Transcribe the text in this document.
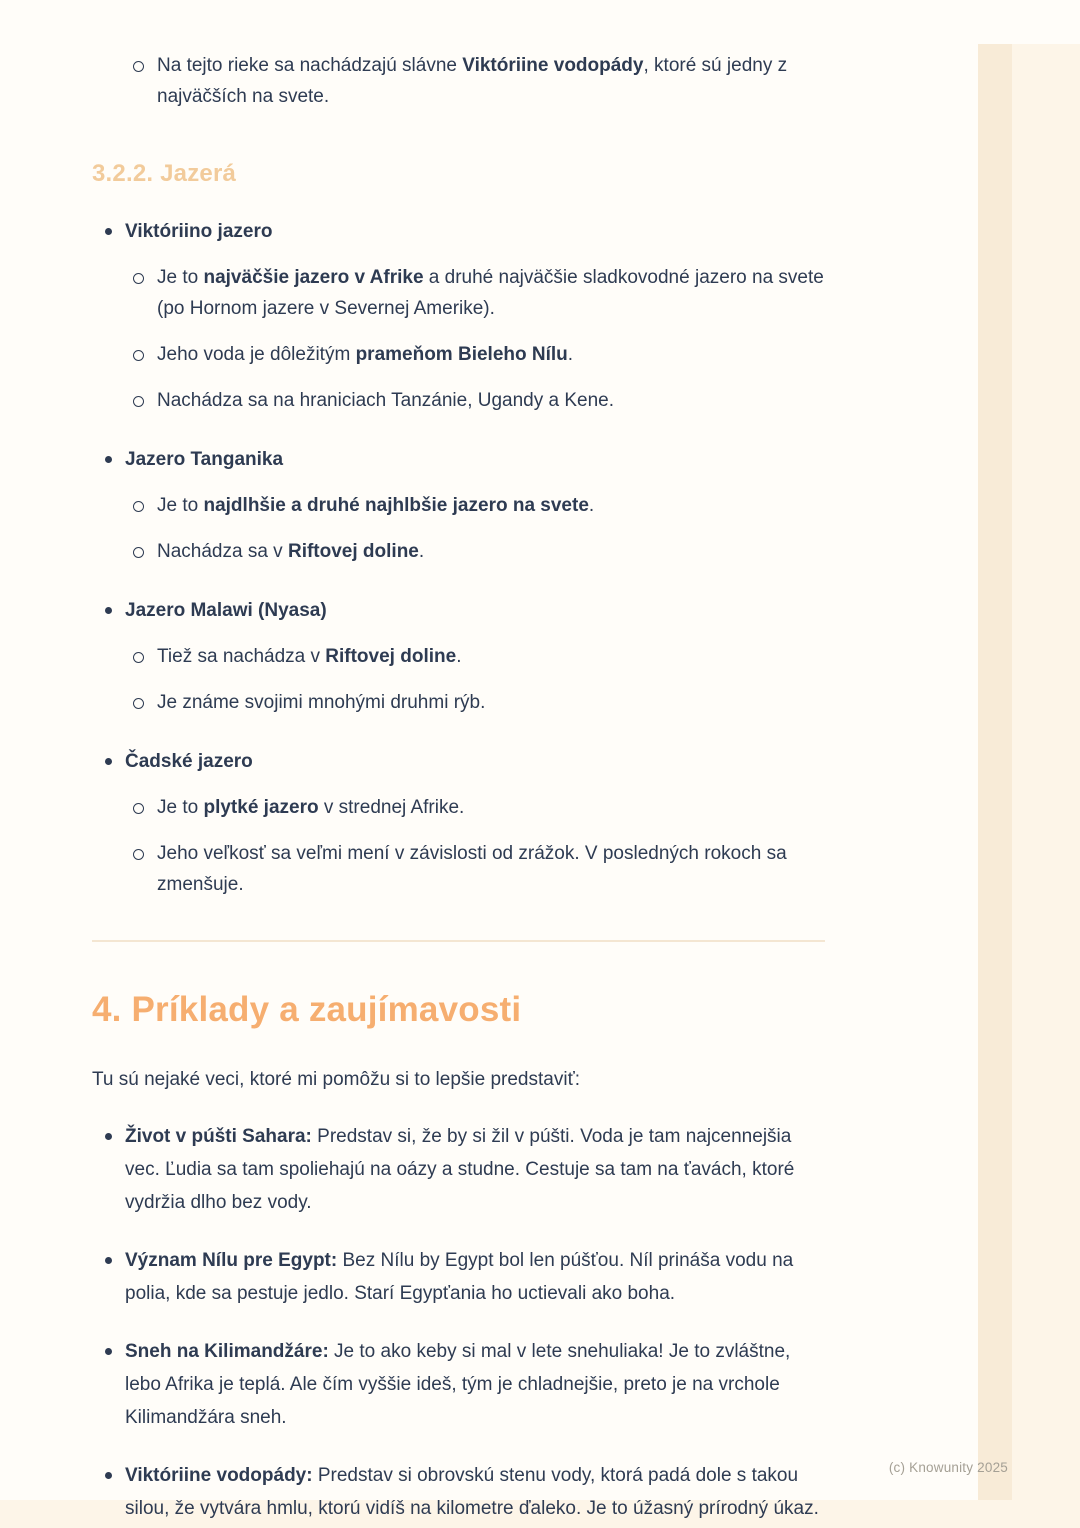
Na tejto rieke sa nachádzajú slávne Viktóriine vodopády, ktoré sú jedny z najväčších na svete.
3.2.2. Jazerá
Viktóriino jazero
Je to najväčšie jazero v Afrike a druhé najväčšie sladkovodné jazero na svete (po Hornom jazere v Severnej Amerike).
Jeho voda je dôležitým prameňom Bieleho Nílu.
Nachádza sa na hraniciach Tanzánie, Ugandy a Kene.
Jazero Tanganika
Je to najdlhšie a druhé najhlbšie jazero na svete.
Nachádza sa v Riftovej doline.
Jazero Malawi (Nyasa)
Tiež sa nachádza v Riftovej doline.
Je známe svojimi mnohými druhmi rýb.
Čadské jazero
Je to plytké jazero v strednej Afrike.
Jeho veľkosť sa veľmi mení v závislosti od zrážok. V posledných rokoch sa zmenšuje.
4. Príklady a zaujímavosti

Tu sú nejaké veci, ktoré mi pomôžu si to lepšie predstaviť:

Život v púšti Sahara: Predstav si, že by si žil v púšti. Voda je tam najcennejšia vec. Ľudia sa tam spoliehajú na oázy a studne. Cestuje sa tam na ťavách, ktoré vydržia dlho bez vody.
Význam Nílu pre Egypt: Bez Nílu by Egypt bol len púšťou. Níl prináša vodu na polia, kde sa pestuje jedlo. Starí Egypťania ho uctievali ako boha.
Sneh na Kilimandžáre: Je to ako keby si mal v lete snehuliaka! Je to zvláštne, lebo Afrika je teplá. Ale čím vyššie ideš, tým je chladnejšie, preto je na vrchole Kilimandžára sneh.
Viktóriine vodopády: Predstav si obrovskú stenu vody, ktorá padá dole s takou silou, že vytvára hmlu, ktorú vidíš na kilometre ďaleko. Je to úžasný prírodný úkaz.
(c) Knowunity 2025
